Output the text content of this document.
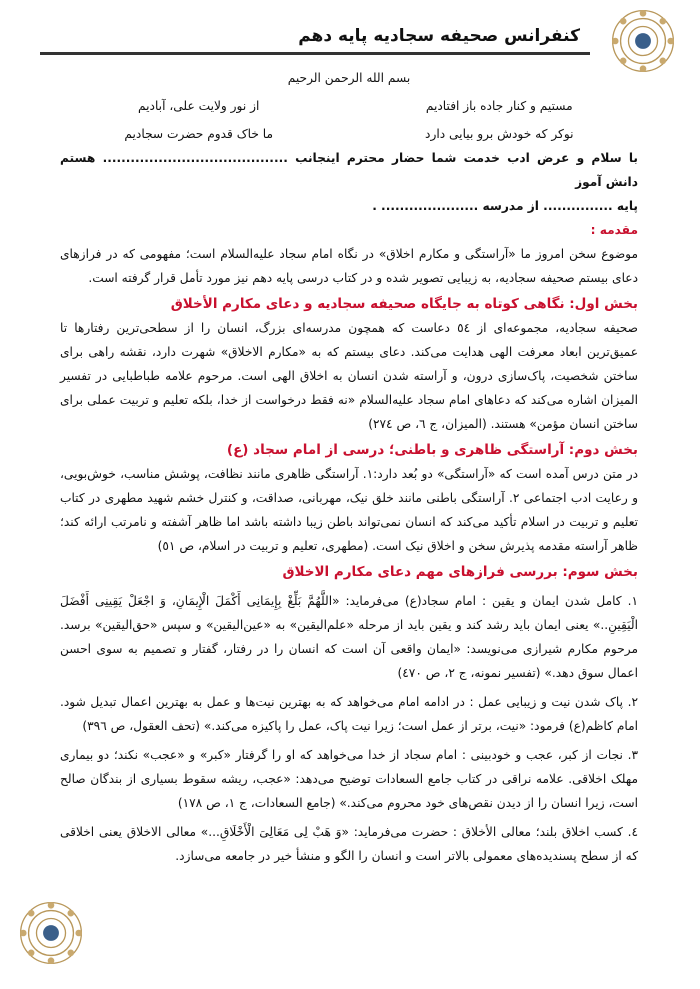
کنفرانس صحیفه سجادیه پایه دهم

بسم الله الرحمن الرحیم

مستیم و کنار جاده باز افتادیم
از نور ولایت علی، آبادیم
نوکر که خودش برو بیایی دارد
ما خاک قدوم حضرت سجادیم

با سلام و عرض ادب خدمت شما حضار محترم اینجانب ........................................ هستم دانش آموز

پایه ............... از مدرسه ..................... .

مقدمه :

موضوع سخن امروز ما «آراستگی و مکارم اخلاق» در نگاه امام سجاد علیه‌السلام است؛ مفهومی که در فرازهای دعای بیستم صحیفه سجادیه، به زیبایی تصویر شده و در کتاب درسی پایه دهم نیز مورد تأمل قرار گرفته است.

بخش اول: نگاهی کوتاه به جایگاه صحیفه سجادیه و دعای مکارم الأخلاق

صحیفه سجادیه، مجموعه‌ای از ٥٤ دعاست که همچون مدرسه‌ای بزرگ، انسان را از سطحی‌ترین رفتارها تا عمیق‌ترین ابعاد معرفت الهی هدایت می‌کند. دعای بیستم که به «مکارم الاخلاق» شهرت دارد، نقشه راهی برای ساختن شخصیت، پاک‌سازی درون، و آراسته شدن انسان به اخلاق الهی است. مرحوم علامه طباطبایی در تفسیر المیزان اشاره می‌کند که دعاهای امام سجاد علیه‌السلام «نه فقط درخواست از خدا، بلکه تعلیم و تربیت عملی برای ساختن انسان مؤمن» هستند. (المیزان، ج ٦، ص ٢٧٤)

بخش دوم: آراستگی ظاهری و باطنی؛ درسی از امام سجاد (ع)

در متن درس آمده است که «آراستگی» دو بُعد دارد:١. آراستگی ظاهری مانند نظافت، پوشش مناسب، خوش‌بویی، و رعایت ادب اجتماعی ٢. آراستگی باطنی مانند خلق نیک، مهربانی، صداقت، و کنترل خشم شهید مطهری در کتاب تعلیم و تربیت در اسلام تأکید می‌کند که انسان نمی‌تواند باطن زیبا داشته باشد اما ظاهر آشفته و نامرتب ارائه کند؛ ظاهر آراسته مقدمه پذیرش سخن و اخلاق نیک است. (مطهری، تعلیم و تربیت در اسلام، ص ٥١)

بخش سوم: بررسی فرازهای مهم دعای مکارم الاخلاق

١. کامل شدن ایمان و یقین : امام سجاد(ع) می‌فرماید: «اللَّهُمَّ بَلِّغْ بِإِیمَانِی أَکْمَلَ الْإِیمَانِ، وَ اجْعَلْ یَقِینِی أَفْضَلَ الْیَقِینِ..» یعنی ایمان باید رشد کند و یقین باید از مرحله «علم‌الیقین» به «عین‌الیقین» و سپس «حق‌الیقین» برسد. مرحوم مکارم شیرازی می‌نویسد: «ایمان واقعی آن است که انسان را در رفتار، گفتار و تصمیم به سوی احسن اعمال سوق دهد.» (تفسیر نمونه، ج ۲، ص ٤٧٠)

٢. پاک شدن نیت و زیبایی عمل : در ادامه امام می‌خواهد که به بهترین نیت‌ها و عمل به بهترین اعمال تبدیل شود. امام کاظم(ع) فرمود: «نیت، برتر از عمل است؛ زیرا نیت پاک، عمل را پاکیزه می‌کند.» (تحف العقول، ص ٣٩٦)

٣. نجات از کبر، عجب و خودبینی : امام سجاد از خدا می‌خواهد که او را گرفتار «کبر» و «عجب» نکند؛ دو بیماری مهلک اخلاقی. علامه نراقی در کتاب جامع السعادات توضیح می‌دهد: «عجب، ریشه سقوط بسیاری از بندگان صالح است، زیرا انسان را از دیدن نقص‌های خود محروم می‌کند.» (جامع السعادات، ج ١، ص ١٧٨)

٤. کسب اخلاق بلند؛ معالی الأخلاق : حضرت می‌فرماید: «وَ هَبْ لِی مَعَالِیَ الْأَخْلَاقِ...» معالی الاخلاق یعنی اخلاقی که از سطح پسندیده‌های معمولی بالاتر است و انسان را الگو و منشأ خیر در جامعه می‌سازد.
